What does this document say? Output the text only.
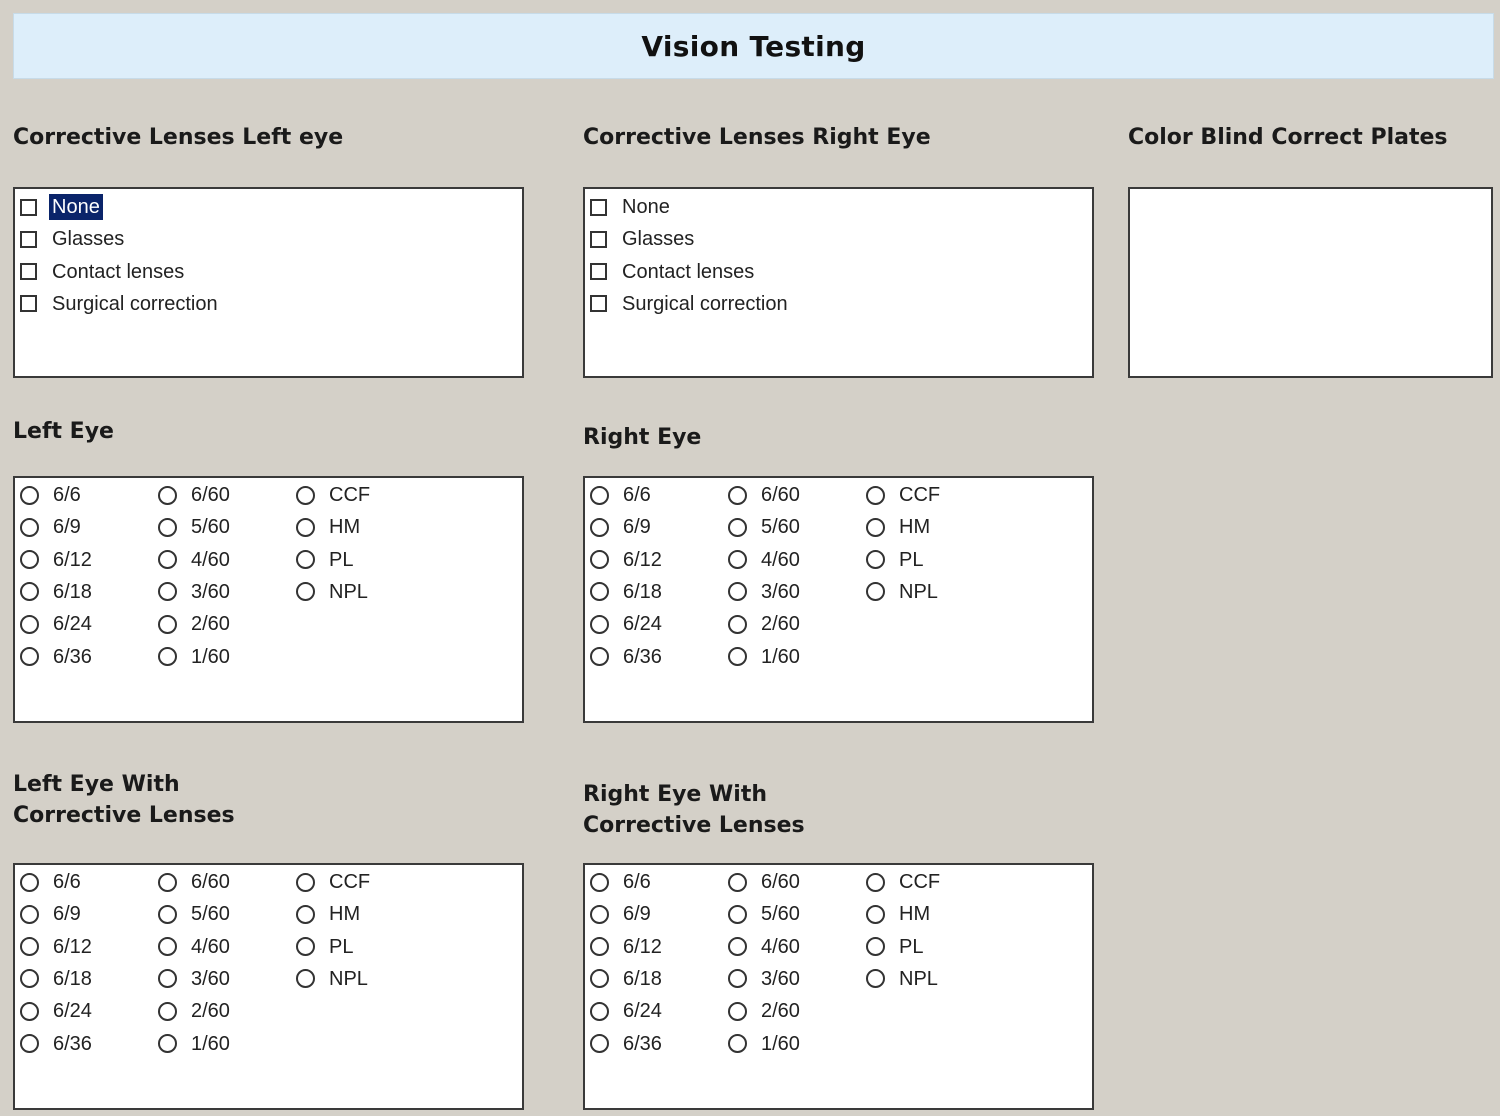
Vision Testing
Corrective Lenses Left eye
None
Glasses
Contact lenses
Surgical correction
Corrective Lenses Right Eye
None
Glasses
Contact lenses
Surgical correction
Color Blind Correct Plates
Left Eye
6/6
6/9
6/12
6/18
6/24
6/36
6/60
5/60
4/60
3/60
2/60
1/60
CCF
HM
PL
NPL
Right Eye
6/6
6/9
6/12
6/18
6/24
6/36
6/60
5/60
4/60
3/60
2/60
1/60
CCF
HM
PL
NPL
Left Eye With
Corrective Lenses
6/6
6/9
6/12
6/18
6/24
6/36
6/60
5/60
4/60
3/60
2/60
1/60
CCF
HM
PL
NPL
Right Eye With
Corrective Lenses
6/6
6/9
6/12
6/18
6/24
6/36
6/60
5/60
4/60
3/60
2/60
1/60
CCF
HM
PL
NPL
